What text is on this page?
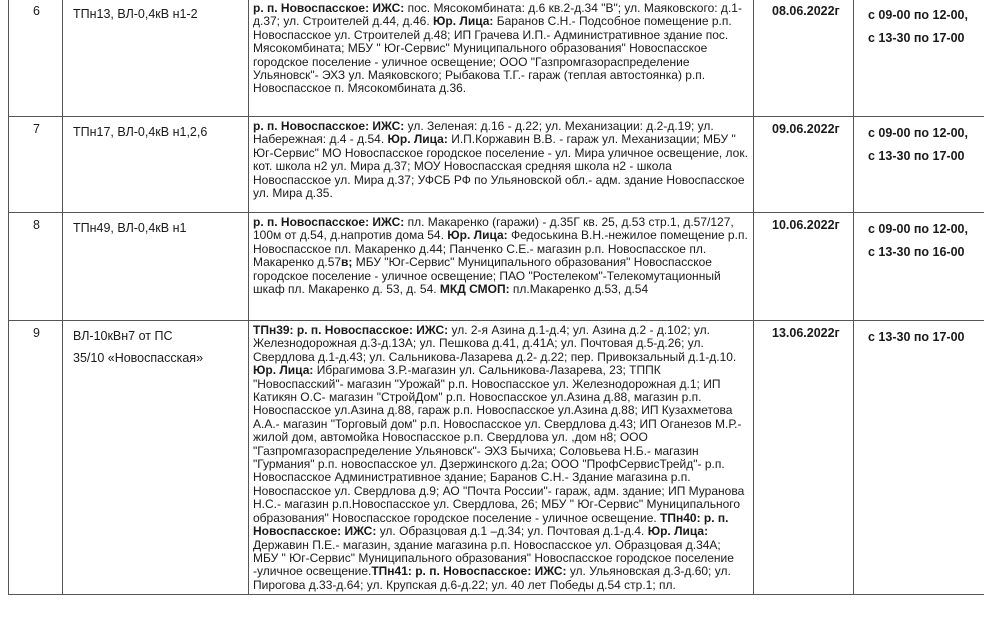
6	ТПн13, ВЛ-0,4кВ н1-2	р. п. Новоспасское: ИЖС: пос. Мясокомбината: д.6 кв.2-д.34 "В"; ул. Маяковского: д.1-д.37; ул. Строителей д.44, д.46. Юр. Лица: Баранов С.Н.- Подсобное помещение р.п. Новоспасское ул. Строителей д.48; ИП Грачева И.П.- Административное здание пос. Мясокомбината; МБУ " Юг-Сервис" Муниципального образования" Новоспасское городское поселение - уличное освещение; ООО "Газпромгазораспределение Ульяновск"- ЭХЗ ул. Маяковского; Рыбакова Т.Г.- гараж (теплая автостоянка) р.п. Новоспасское п. Мясокомбината д.36.	08.06.2022г	с 09-00 по 12-00,
с 13-30 по 17-00

7	ТПн17, ВЛ-0,4кВ н1,2,6	р. п. Новоспасское: ИЖС: ул. Зеленая: д.16 - д.22; ул. Механизации: д.2-д.19; ул. Набережная: д.4 - д.54. Юр. Лица: И.П.Коржавин В.В. - гараж ул. Механизации; МБУ " Юг-Сервис" МО Новоспасское городское поселение - ул. Мира уличное освещение, лок. кот. школа н2 ул. Мира д.37; МОУ Новоспасская средняя школа н2 - школа Новоспасское ул. Мира д.37; УФСБ РФ по Ульяновской обл.- адм. здание Новоспасское ул. Мира д.35.	09.06.2022г	с 09-00 по 12-00,
с 13-30 по 17-00

8	ТПн49, ВЛ-0,4кВ н1	р. п. Новоспасское: ИЖС: пл. Макаренко (гаражи) - д.35Г кв. 25, д.53 стр.1, д.57/127, 100м от д.54, д.напротив дома 54. Юр. Лица: Федоськина В.Н.-нежилое помещение р.п. Новоспасское пл. Макаренко д.44; Панченко С.Е.- магазин р.п. Новоспасское пл. Макаренко д.57в; МБУ "Юг-Сервис" Муниципального образования" Новоспасское городское поселение - уличное освещение; ПАО "Ростелеком"-Телекомутационный шкаф пл. Макаренко д. 53, д. 54. МКД СМОП: пл.Макаренко д.53, д.54	10.06.2022г	с 09-00 по 12-00,
с 13-30 по 16-00

9	ВЛ-10кВн7 от ПС
35/10 «Новоспасская»	ТПн39: р. п. Новоспасское: ИЖС: ул. 2-я Азина д.1-д.4; ул. Азина д.2 - д.102; ул. Железнодорожная д.3-д.13А; ул. Пешкова д.41, д.41А; ул. Почтовая д.5-д.26; ул. Свердлова д.1-д.43; ул. Сальникова-Лазарева д.2- д.22; пер. Привокзальный д.1-д.10. Юр. Лица: Ибрагимова З.Р.-магазин ул. Сальникова-Лазарева, 23; ТППК "Новоспасский"- магазин "Урожай" р.п. Новоспасское ул. Железнодорожная д.1; ИП Катикян О.С- магазин "СтройДом" р.п. Новоспасское ул.Азина д.88, магазин р.п. Новоспасское ул.Азина д.88, гараж р.п. Новоспасское ул.Азина д.88; ИП Кузахметова А.А.- магазин "Торговый дом" р.п. Новоспасское ул. Свердлова д.43; ИП Оганезов М.Р.- жилой дом, автомойка Новоспасское р.п. Свердлова ул. ,дом н8; ООО "Газпромгазораспределение Ульяновск"- ЭХЗ Бычиха; Соловьева Н.Б.- магазин "Гурмания" р.п. новоспасское ул. Дзержинского д.2а; ООО "ПрофСервисТрейд"- р.п. Новоспасское Административное здание; Баранов С.Н.- Здание магазина р.п. Новоспасское ул. Свердлова д.9; АО "Почта России"- гараж, адм. здание; ИП Муранова Н.С.- магазин р.п.Новоспасское ул. Свердлова, 26; МБУ " Юг-Сервис" Муниципального образования" Новоспасское городское поселение - уличное освещение. ТПн40: р. п. Новоспасское: ИЖС: ул. Образцовая д.1 –д.34; ул. Почтовая д.1-д.4. Юр. Лица: Державин П.Е.- магазин, здание магазина р.п. Новоспасское ул. Образцовая д.34А; МБУ " Юг-Сервис" Муниципального образования" Новоспасское городское поселение -уличное освещение.ТПн41: р. п. Новоспасское: ИЖС: ул. Ульяновская д.3-д.60; ул. Пирогова д.33-д.64; ул. Крупская д.6-д.22; ул. 40 лет Победы д.54 стр.1; пл.	13.06.2022г	с 13-30 по 17-00
